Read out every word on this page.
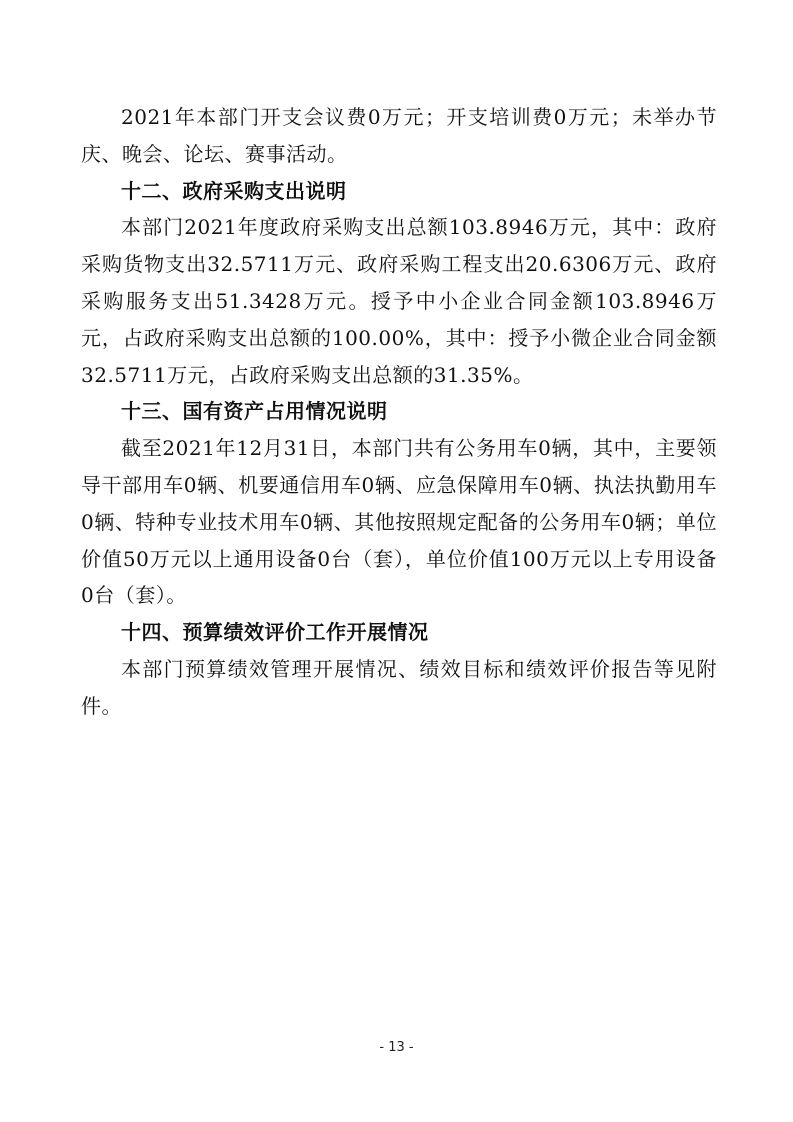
2021年本部门开支会议费0万元；开支培训费0万元；未举办节庆、晚会、论坛、赛事活动。

十二、政府采购支出说明

本部门2021年度政府采购支出总额103.8946万元，其中：政府采购货物支出32.5711万元、政府采购工程支出20.6306万元、政府采购服务支出51.3428万元。授予中小企业合同金额103.8946万元，占政府采购支出总额的100.00%，其中：授予小微企业合同金额32.5711万元，占政府采购支出总额的31.35%。

十三、国有资产占用情况说明

截至2021年12月31日，本部门共有公务用车0辆，其中，主要领导干部用车0辆、机要通信用车0辆、应急保障用车0辆、执法执勤用车0辆、特种专业技术用车0辆、其他按照规定配备的公务用车0辆；单位价值50万元以上通用设备0台（套），单位价值100万元以上专用设备0台（套）。

十四、预算绩效评价工作开展情况

本部门预算绩效管理开展情况、绩效目标和绩效评价报告等见附件。

- 13 -
